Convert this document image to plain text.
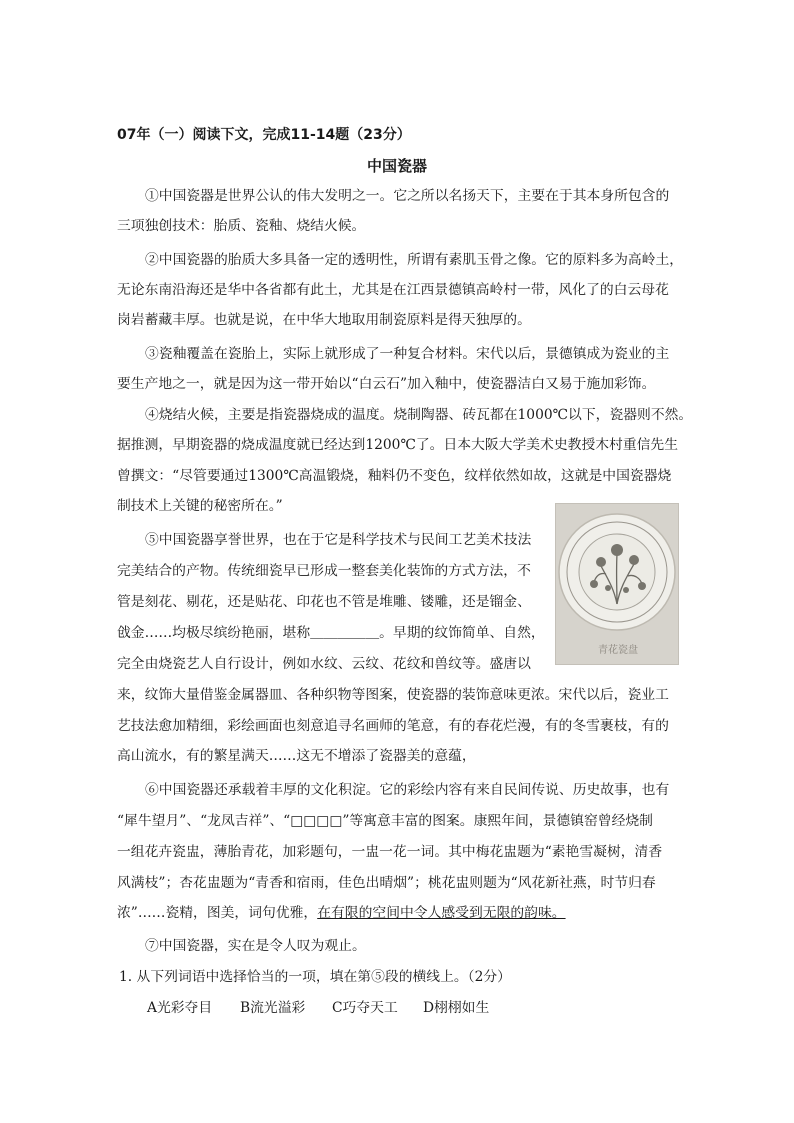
07年（一）阅读下文，完成11-14题（23分）
中国瓷器
①中国瓷器是世界公认的伟大发明之一。它之所以名扬天下，主要在于其本身所包含的
三项独创技术：胎质、瓷釉、烧结火候。
②中国瓷器的胎质大多具备一定的透明性，所谓有素肌玉骨之像。它的原料多为高岭土，
无论东南沿海还是华中各省都有此土，尤其是在江西景德镇高岭村一带，风化了的白云母花
岗岩蓄藏丰厚。也就是说，在中华大地取用制瓷原料是得天独厚的。
③瓷釉覆盖在瓷胎上，实际上就形成了一种复合材料。宋代以后，景德镇成为瓷业的主
要生产地之一，就是因为这一带开始以“白云石”加入釉中，使瓷器洁白又易于施加彩饰。
④烧结火候，主要是指瓷器烧成的温度。烧制陶器、砖瓦都在1000℃以下，瓷器则不然。
据推测，早期瓷器的烧成温度就已经达到1200℃了。日本大阪大学美术史教授木村重信先生
曾撰文：“尽管要通过1300℃高温锻烧，釉料仍不变色，纹样依然如故，这就是中国瓷器烧
制技术上关键的秘密所在。”
⑤中国瓷器享誉世界，也在于它是科学技术与民间工艺美术技法
完美结合的产物。传统细瓷早已形成一整套美化装饰的方式方法，不
管是刻花、剔花，还是贴花、印花也不管是堆雕、镂雕，还是镏金、
戗金……均极尽缤纷艳丽，堪称＿＿＿＿＿。早期的纹饰简单、自然，
完全由烧瓷艺人自行设计，例如水纹、云纹、花纹和兽纹等。盛唐以
来，纹饰大量借鉴金属器皿、各种织物等图案，使瓷器的装饰意味更浓。宋代以后，瓷业工
艺技法愈加精细，彩绘画面也刻意追寻名画师的笔意，有的春花烂漫，有的冬雪裹枝，有的
高山流水，有的繁星满天……这无不增添了瓷器美的意蕴，
⑥中国瓷器还承载着丰厚的文化积淀。它的彩绘内容有来自民间传说、历史故事，也有
“犀牛望月”、“龙凤吉祥”、“□□□□”等寓意丰富的图案。康熙年间，景德镇窑曾经烧制
一组花卉瓷盅，薄胎青花，加彩题句，一盅一花一词。其中梅花盅题为“素艳雪凝树，清香
风满枝”；杏花盅题为“青香和宿雨，佳色出晴烟”；桃花盅则题为“风花新社燕，时节归春
浓”……瓷精，图美，词句优雅，在有限的空间中令人感受到无限的韵味。
⑦中国瓷器，实在是令人叹为观止。
1. 从下列词语中选择恰当的一项，填在第⑤段的横线上。（2分）
A光彩夺目 B流光溢彩 C巧夺天工 D栩栩如生
青花瓷盘
